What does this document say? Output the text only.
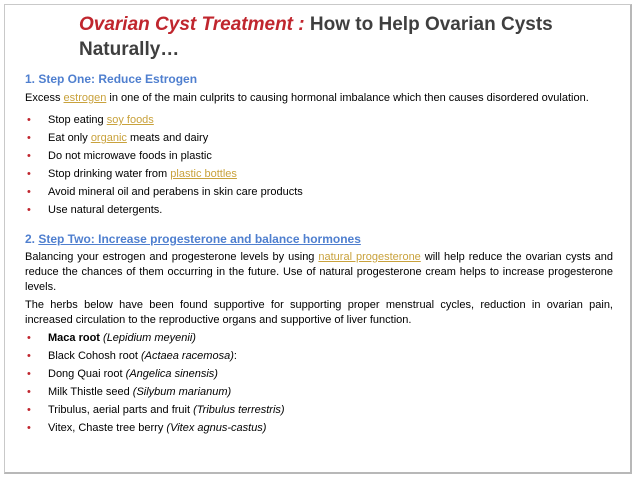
Ovarian Cyst Treatment : How to Help Ovarian Cysts Naturally…
1. Step One: Reduce Estrogen
Excess estrogen in one of the main culprits to causing hormonal imbalance which then causes disordered ovulation.
• Stop eating soy foods
• Eat only organic meats and dairy
• Do not microwave foods in plastic
• Stop drinking water from plastic bottles
• Avoid mineral oil and perabens in skin care products
• Use natural detergents.
2. Step Two: Increase progesterone and balance hormones
Balancing your estrogen and progesterone levels by using natural progesterone will help reduce the ovarian cysts and reduce the chances of them occurring in the future. Use of natural progesterone cream helps to increase progesterone levels.
The herbs below have been found supportive for supporting proper menstrual cycles, reduction in ovarian pain, increased circulation to the reproductive organs and supportive of liver function.
• Maca root (Lepidium meyenii)
• Black Cohosh root (Actaea racemosa):
• Dong Quai root (Angelica sinensis)
• Milk Thistle seed (Silybum marianum)
• Tribulus, aerial parts and fruit (Tribulus terrestris)
• Vitex, Chaste tree berry (Vitex agnus-castus)
